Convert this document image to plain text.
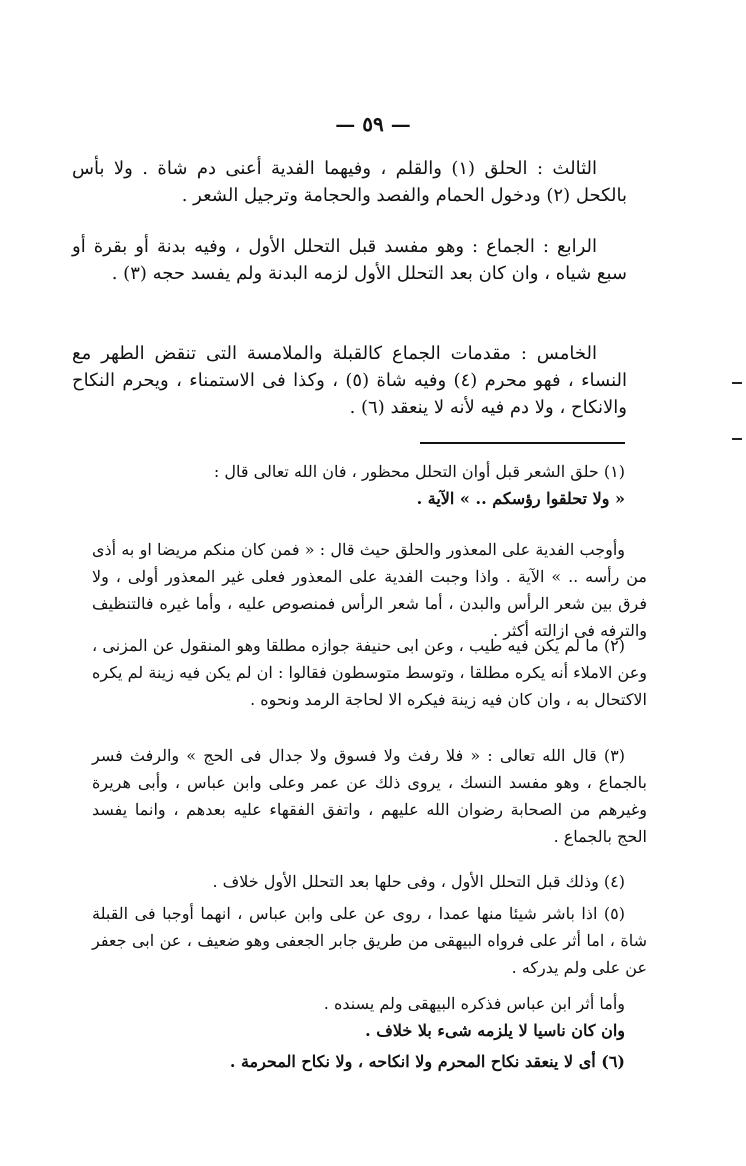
— ٥٩ —

الثالث : الحلق (١) والقلم ، وفيهما الفدية أعنى دم شاة . ولا بأس بالكحل (٢) ودخول الحمام والفصد والحجامة وترجيل الشعر .

الرابع : الجماع : وهو مفسد قبل التحلل الأول ، وفيه بدنة أو بقرة أو سبع شياه ، وان كان بعد التحلل الأول لزمه البدنة ولم يفسد حجه (٣) .

الخامس : مقدمات الجماع كالقبلة والملامسة التى تنقض الطهر مع النساء ، فهو محرم (٤) وفيه شاة (٥) ، وكذا فى الاستمناء ، ويحرم النكاح والانكاح ، ولا دم فيه لأنه لا ينعقد (٦) .

(١) حلق الشعر قبل أوان التحلل محظور ، فان الله تعالى قال :

« ولا تحلقوا رؤسكم .. » الآية .

وأوجب الفدية على المعذور والحلق حيث قال : « فمن كان منكم مريضا او به أذى من رأسه .. » الآية . واذا وجبت الفدية على المعذور فعلى غير المعذور أولى ، ولا فرق بين شعر الرأس والبدن ، أما شعر الرأس فمنصوص عليه ، وأما غيره فالتنظيف والترفه فى ازالته أكثر .

(٢) ما لم يكن فيه طيب ، وعن ابى حنيفة جوازه مطلقا وهو المنقول عن المزنى ، وعن الاملاء أنه يكره مطلقا ، وتوسط متوسطون فقالوا : ان لم يكن فيه زينة لم يكره الاكتحال به ، وان كان فيه زينة فيكره الا لحاجة الرمد ونحوه .

(٣) قال الله تعالى : « فلا رفث ولا فسوق ولا جدال فى الحج » والرفث فسر بالجماع ، وهو مفسد النسك ، يروى ذلك عن عمر وعلى وابن عباس ، وأبى هريرة وغيرهم من الصحابة رضوان الله عليهم ، واتفق الفقهاء عليه بعدهم ، وانما يفسد الحج بالجماع .

(٤) وذلك قبل التحلل الأول ، وفى حلها بعد التحلل الأول خلاف .

(٥) اذا باشر شيئا منها عمدا ، روى عن على وابن عباس ، انهما أوجبا فى القبلة شاة ، اما أثر على فرواه البيهقى من طريق جابر الجعفى وهو ضعيف ، عن ابى جعفر عن على ولم يدركه .

وأما أثر ابن عباس فذكره البيهقى ولم يسنده .

وان كان ناسيا لا يلزمه شىء بلا خلاف .

(٦) أى لا ينعقد نكاح المحرم ولا انكاحه ، ولا نكاح المحرمة .
